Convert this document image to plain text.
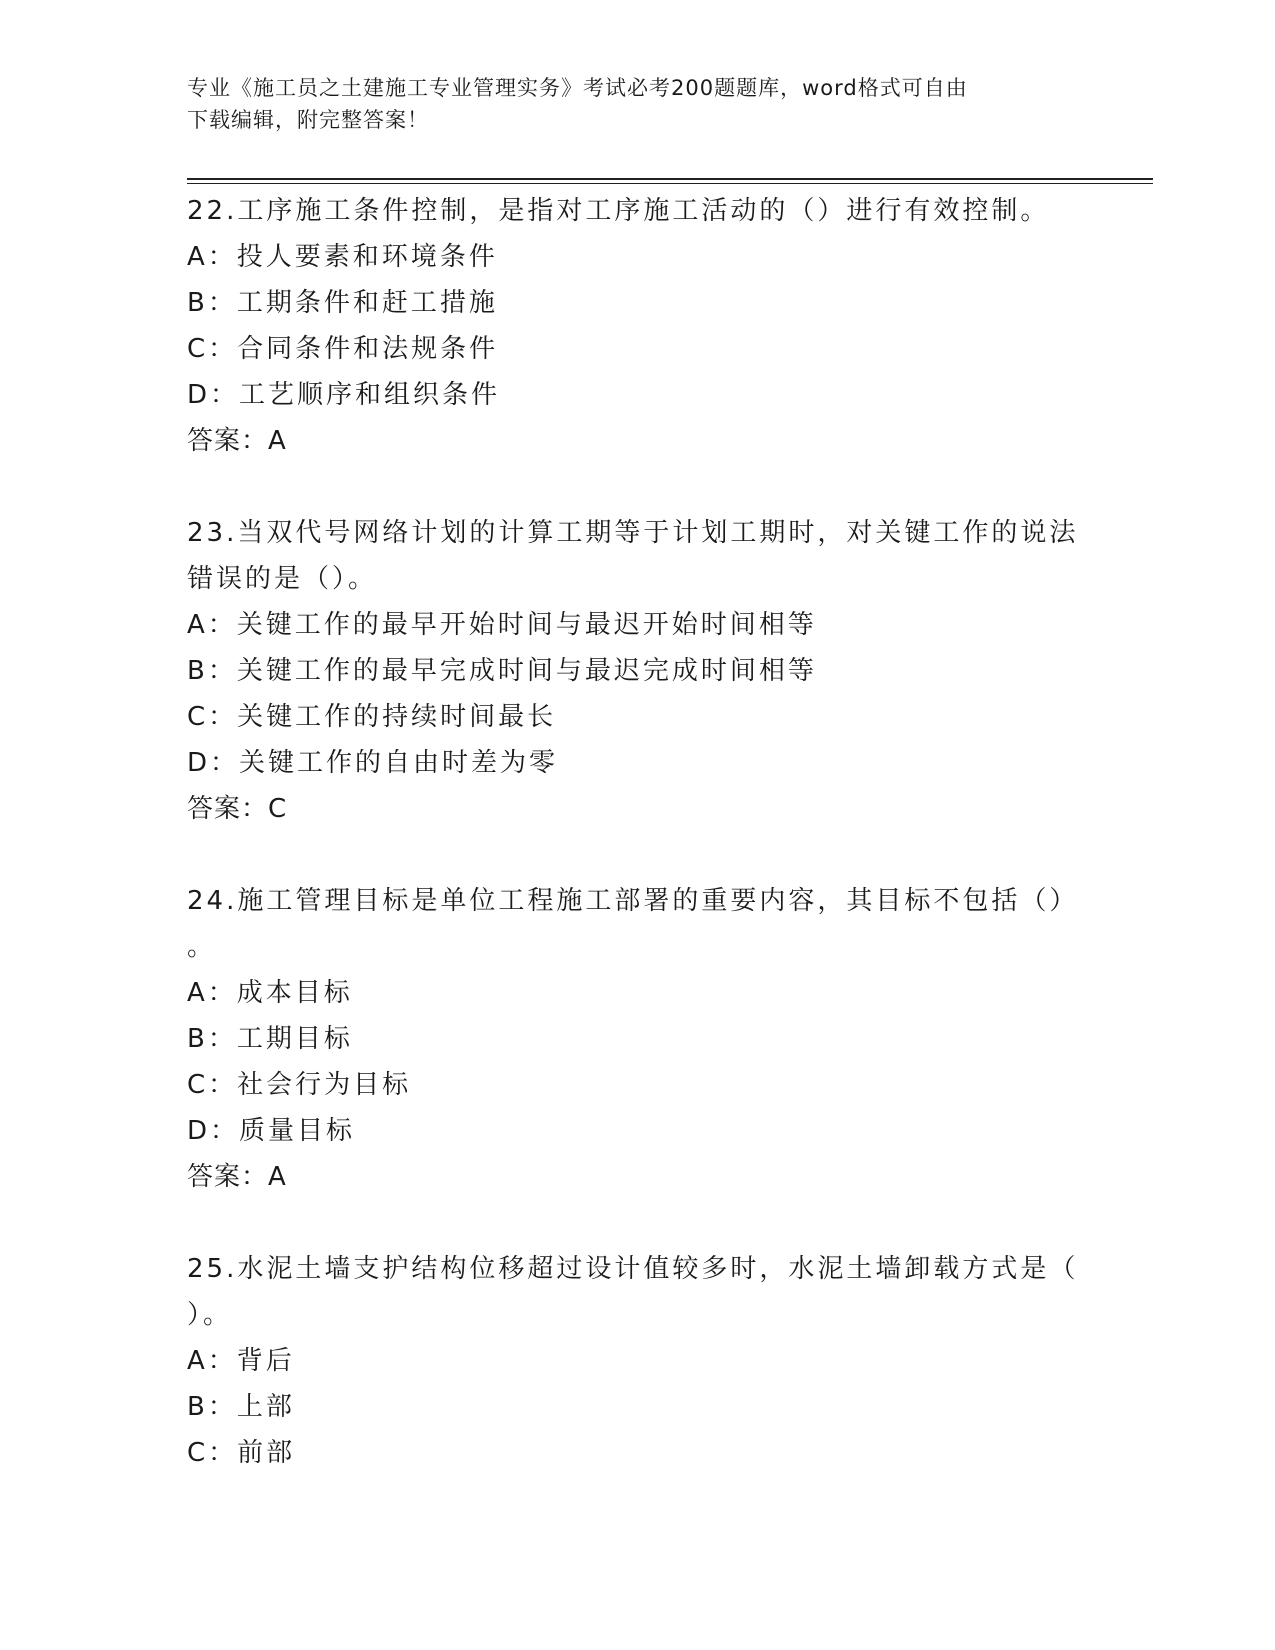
专业《施工员之土建施工专业管理实务》考试必考200题题库，word格式可自由
下载编辑，附完整答案！

22.工序施工条件控制，是指对工序施工活动的（）进行有效控制。

A：投人要素和环境条件

B：工期条件和赶工措施

C：合同条件和法规条件

D：工艺顺序和组织条件

答案：A

23.当双代号网络计划的计算工期等于计划工期时，对关键工作的说法
错误的是（）。

A：关键工作的最早开始时间与最迟开始时间相等

B：关键工作的最早完成时间与最迟完成时间相等

C：关键工作的持续时间最长

D：关键工作的自由时差为零

答案：C

24.施工管理目标是单位工程施工部署的重要内容，其目标不包括（）
。

A：成本目标

B：工期目标

C：社会行为目标

D：质量目标

答案：A

25.水泥土墙支护结构位移超过设计值较多时，水泥土墙卸载方式是（
）。

A：背后

B：上部

C：前部
